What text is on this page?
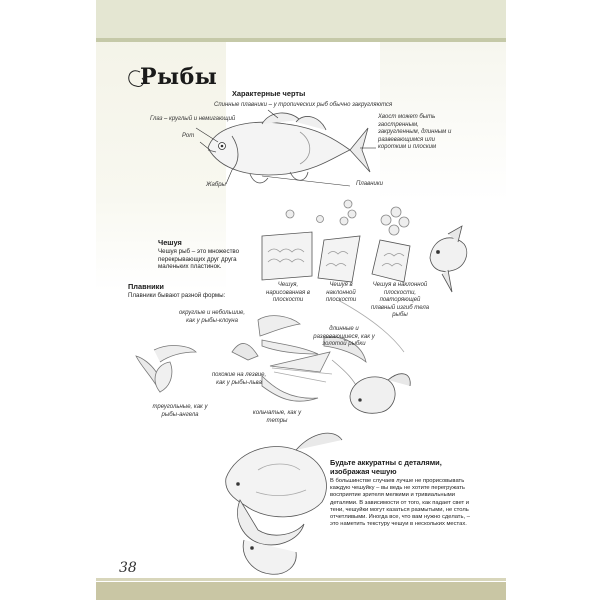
Рыбы
Характерные черты
Спинные плавники – у тропических рыб обычно закругляются
Глаз – круглый и немигающий
Рот
Жабры
Хвост может быть заостренным, закругленным, длинным и развевающимся или коротким и плоским
Плавники
Чешуя
Чешуя рыб – это множество перекрывающих друг друга маленьких пластинок.
Чешуя, нарисованная в плоскости
Чешуя в наклонной плоскости
Чешуя в наклонной плоскости, повторяющей плавный изгиб тела рыбы
Плавники
Плавники бывают разной формы:
округлые и небольшие, как у рыбы-клоуна
длинные и развевающиеся, как у золотой рыбки
похожие на лезвие, как у рыбы-льва
треугольные, как у рыбы-ангела	кольчатые, как у тетры
Будьте аккуратны с деталями, изображая чешую
В большинстве случаев лучше не прорисовывать каждую чешуйку – вы ведь не хотите перегружать восприятие зрителя мелкими и тривиальными деталями. В зависимости от того, как падает свет и тени, чешуйки могут казаться размытыми, не столь отчетливыми. Иногда все, что вам нужно сделать, – это наметить текстуру чешуи в нескольких местах.
38
